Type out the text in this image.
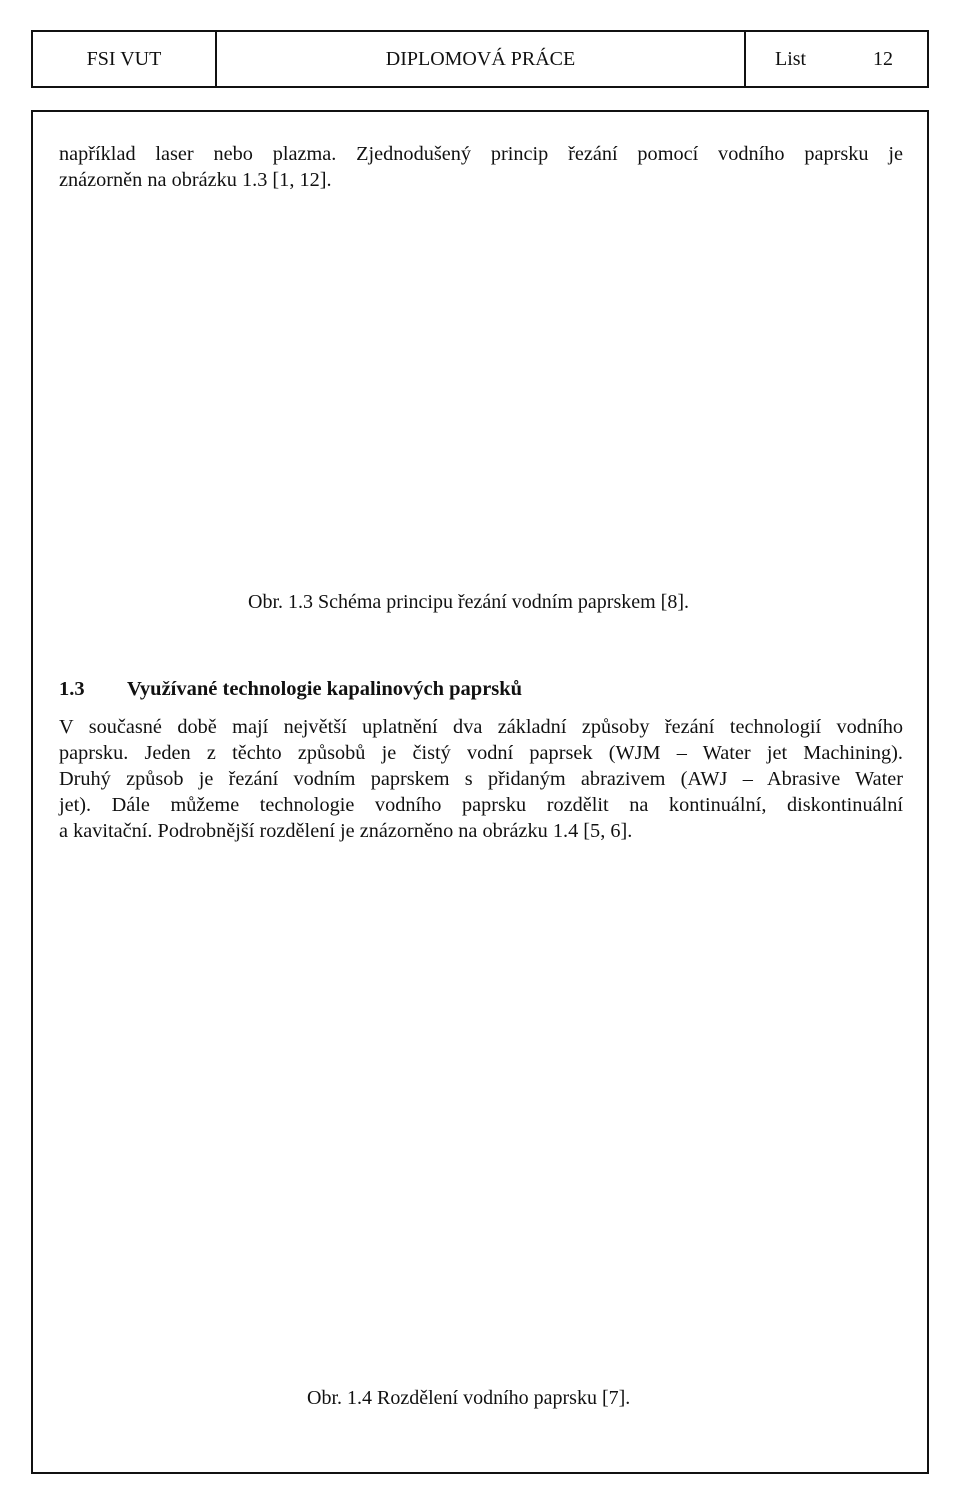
FSI VUT	DIPLOMOVÁ PRÁCE	List	12
například laser nebo plazma. Zjednodušený princip řezání pomocí vodního paprsku je
znázorněn na obrázku 1.3 [1, 12].
Obr. 1.3 Schéma principu řezání vodním paprskem [8].
1.3	Využívané technologie kapalinových paprsků
V současné době mají největší uplatnění dva základní způsoby řezání technologií vodního
paprsku. Jeden z těchto způsobů je čistý vodní paprsek (WJM – Water jet Machining).
Druhý způsob je řezání vodním paprskem s přidaným abrazivem (AWJ – Abrasive Water
jet). Dále můžeme technologie vodního paprsku rozdělit na kontinuální, diskontinuální
a kavitační. Podrobnější rozdělení je znázorněno na obrázku 1.4 [5, 6].
Obr. 1.4 Rozdělení vodního paprsku [7].
